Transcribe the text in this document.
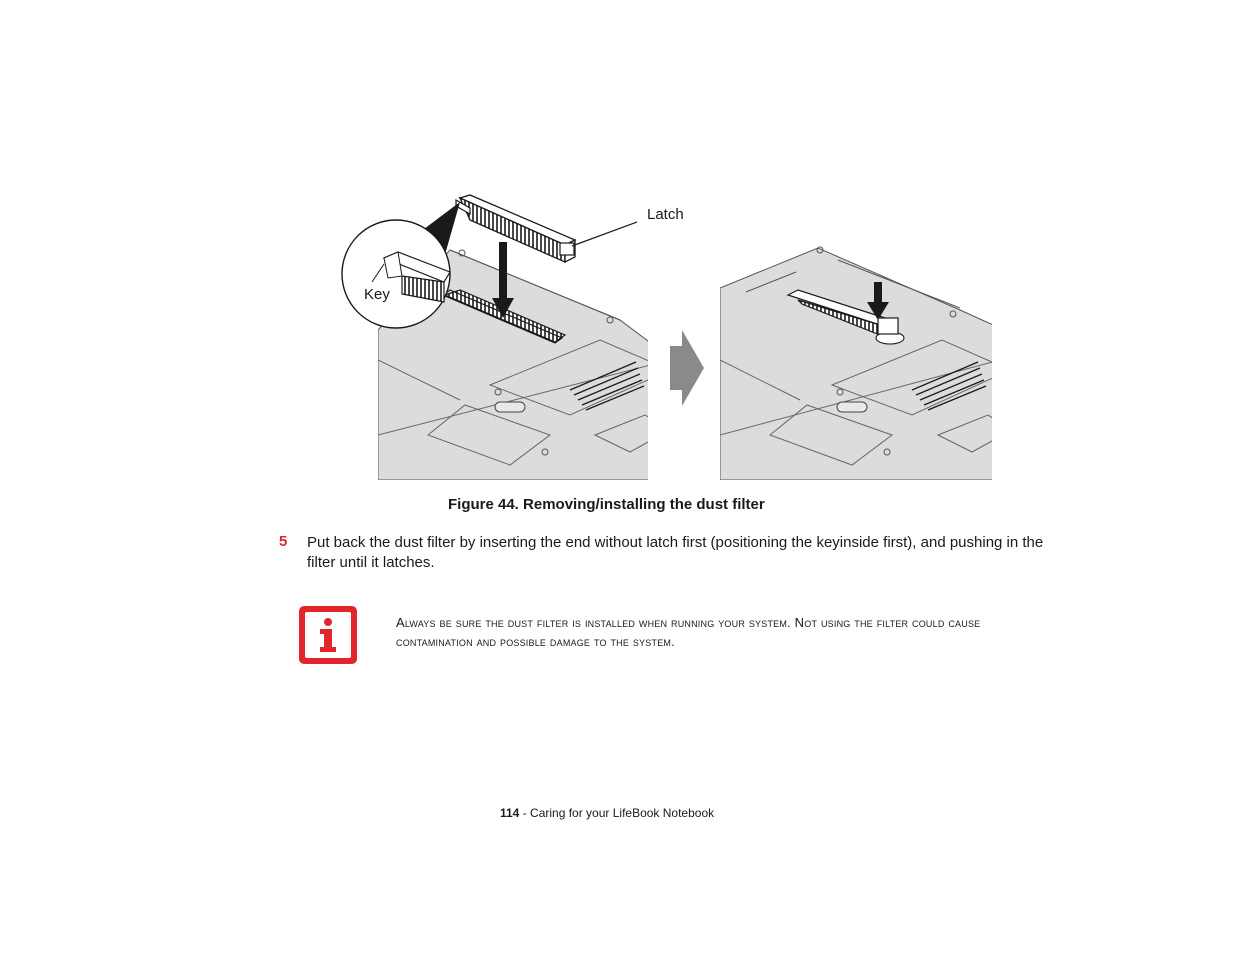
Key
Latch
Figure 44. Removing/installing the dust filter
5 Put back the dust filter by inserting the end without latch first (positioning the keyinside first), and pushing in the filter until it latches.
Always be sure the dust filter is installed when running your system. Not using the filter could cause contamination and possible damage to the system.
114 - Caring for your LifeBook Notebook
